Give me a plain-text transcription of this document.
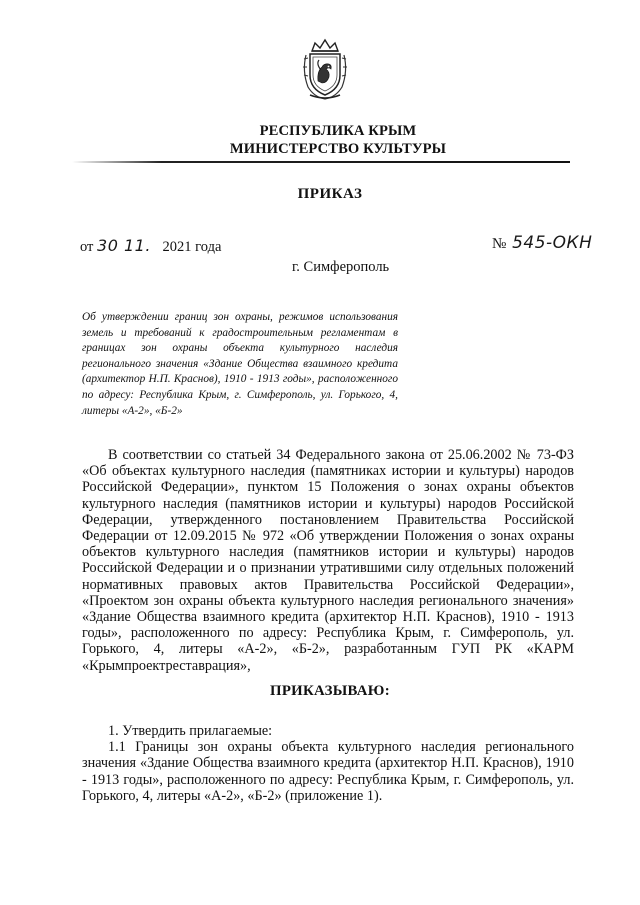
РЕСПУБЛИКА КРЫМ
МИНИСТЕРСТВО КУЛЬТУРЫ
ПРИКАЗ
от 30 11. 2021 года	№ 545-ОКН
г. Симферополь
Об утверждении границ зон охраны, режимов использования земель и требований к градостроительным регламентам в границах зон охраны объекта культурного наследия регионального значения «Здание Общества взаимного кредита (архитектор Н.П. Краснов), 1910 - 1913 годы», расположенного по адресу: Республика Крым, г. Симферополь, ул. Горького, 4, литеры «А-2», «Б-2»

В соответствии со статьей 34 Федерального закона от 25.06.2002 № 73-ФЗ «Об объектах культурного наследия (памятниках истории и культуры) народов Российской Федерации», пунктом 15 Положения о зонах охраны объектов культурного наследия (памятников истории и культуры) народов Российской Федерации, утвержденного постановлением Правительства Российской Федерации от 12.09.2015 № 972 «Об утверждении Положения о зонах охраны объектов культурного наследия (памятников истории и культуры) народов Российской Федерации и о признании утратившими силу отдельных положений нормативных правовых актов Правительства Российской Федерации», «Проектом зон охраны объекта культурного наследия регионального значения» «Здание Общества взаимного кредита (архитектор Н.П. Краснов), 1910 - 1913 годы», расположенного по адресу: Республика Крым, г. Симферополь, ул. Горького, 4, литеры «А-2», «Б-2», разработанным ГУП РК «КАРМ «Крымпроектреставрация»,

ПРИКАЗЫВАЮ:

1. Утвердить прилагаемые:

1.1 Границы зон охраны объекта культурного наследия регионального значения «Здание Общества взаимного кредита (архитектор Н.П. Краснов), 1910 - 1913 годы», расположенного по адресу: Республика Крым, г. Симферополь, ул. Горького, 4, литеры «А-2», «Б-2» (приложение 1).
